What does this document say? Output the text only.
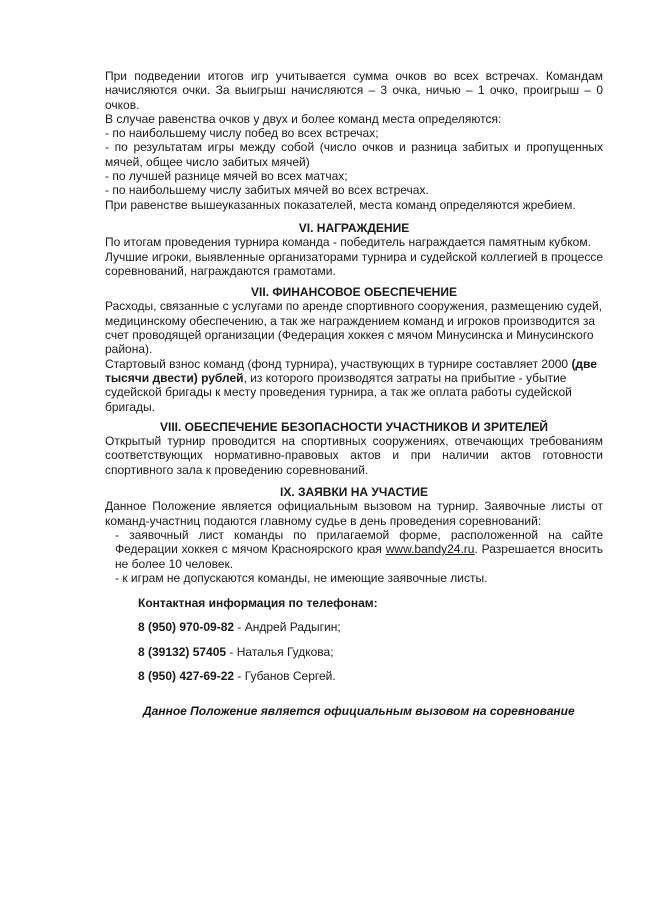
При подведении итогов игр учитывается сумма очков во всех встречах. Командам начисляются очки. За выигрыш начисляются – 3 очка, ничью – 1 очко, проигрыш – 0 очков.

В случае равенства очков у двух и более команд места определяются:

- по наибольшему числу побед во всех встречах;

- по результатам игры между собой (число очков и разница забитых и пропущенных мячей, общее число забитых мячей)

- по лучшей разнице мячей во всех матчах;

- по наибольшему числу забитых мячей во всех встречах.

При равенстве вышеуказанных показателей, места команд определяются жребием.

VI. НАГРАЖДЕНИЕ

По итогам проведения турнира команда - победитель награждается памятным кубком.

Лучшие игроки, выявленные организаторами турнира и судейской коллегией в процессе соревнований, награждаются грамотами.

VII. ФИНАНСОВОЕ ОБЕСПЕЧЕНИЕ

Расходы, связанные с услугами по аренде спортивного сооружения, размещению судей, медицинскому обеспечению, а так же награждением команд и игроков производится за счет проводящей организации (Федерация хоккея с мячом Минусинска и Минусинского района).

Стартовый взнос команд (фонд турнира), участвующих в турнире составляет 2000 (две тысячи двести) рублей, из которого производятся затраты на прибытие - убытие судейской бригады к месту проведения турнира, а так же оплата работы судейской бригады.

VIII. ОБЕСПЕЧЕНИЕ БЕЗОПАСНОСТИ УЧАСТНИКОВ И ЗРИТЕЛЕЙ

Открытый турнир проводится на спортивных сооружениях, отвечающих требованиям соответствующих нормативно-правовых актов и при наличии актов готовности спортивного зала к проведению соревнований.

IX. ЗАЯВКИ НА УЧАСТИЕ

Данное Положение является официальным вызовом на турнир. Заявочные листы от команд-участниц подаются главному судье в день проведения соревнований:

- заявочный лист команды по прилагаемой форме, расположенной на сайте Федерации хоккея с мячом Красноярского края www.bandy24.ru. Разрешается вносить не более 10 человек.

- к играм не допускаются команды, не имеющие заявочные листы.

Контактная информация по телефонам:

8 (950) 970-09-82 - Андрей Радыгин;

8 (39132) 57405 - Наталья Гудкова;

8 (950) 427-69-22 - Губанов Сергей.

Данное Положение является официальным вызовом на соревнование
